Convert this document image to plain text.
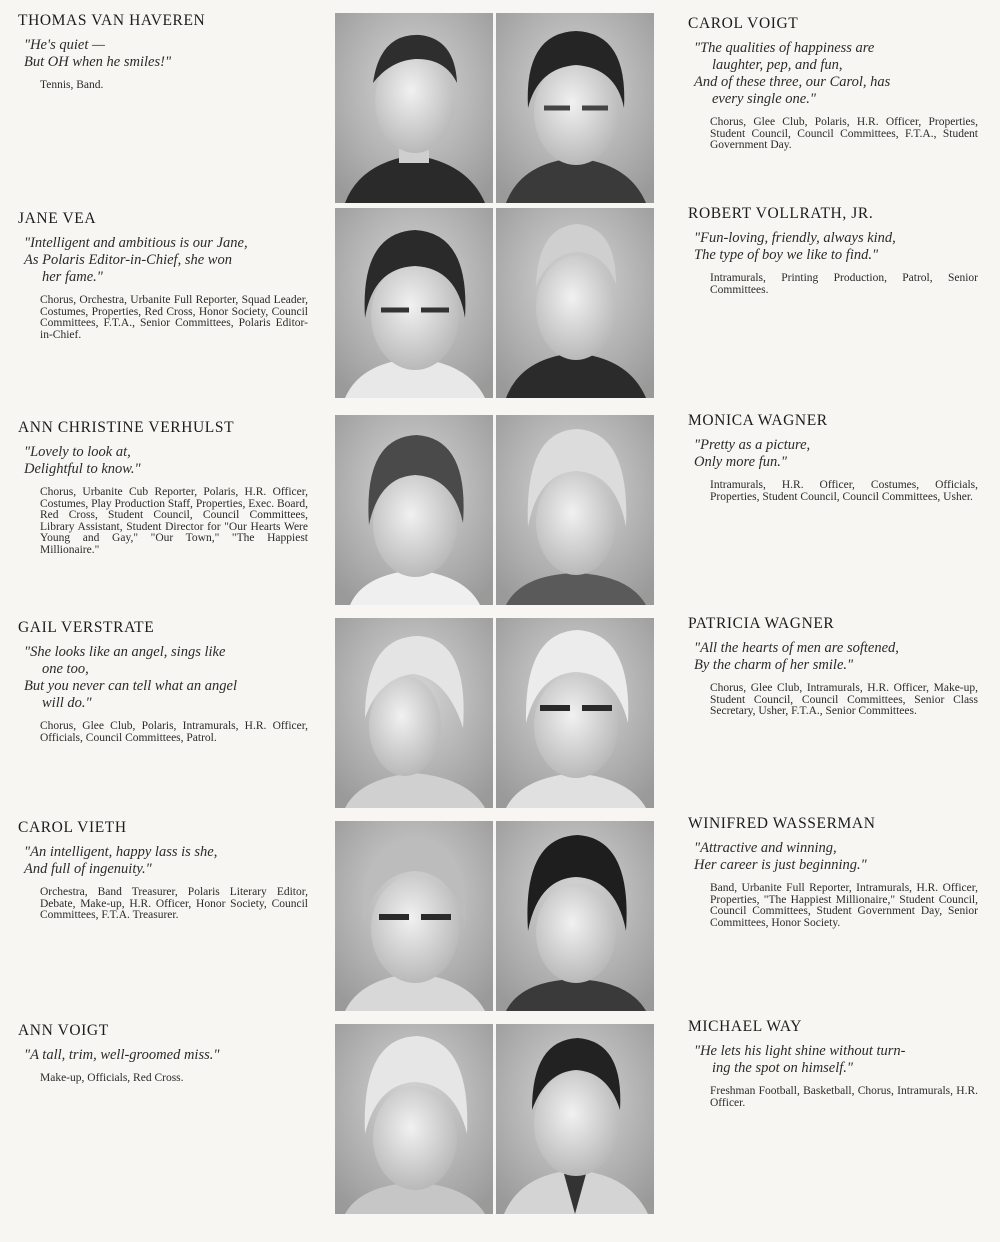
THOMAS VAN HAVEREN
"He's quiet —
But OH when he smiles!"
Tennis, Band.
JANE VEA
"Intelligent and ambitious is our Jane,
As Polaris Editor-in-Chief, she won
her fame."
Chorus, Orchestra, Urbanite Full Reporter, Squad Leader, Costumes, Properties, Red Cross, Honor Society, Council Committees, F.T.A., Senior Committees, Polaris Editor-in-Chief.
ANN CHRISTINE VERHULST
"Lovely to look at,
Delightful to know."
Chorus, Urbanite Cub Reporter, Polaris, H.R. Officer, Costumes, Play Production Staff, Properties, Exec. Board, Red Cross, Student Council, Council Committees, Library Assistant, Student Director for "Our Hearts Were Young and Gay," "Our Town," "The Happiest Millionaire."
GAIL VERSTRATE
"She looks like an angel, sings like
one too,
But you never can tell what an angel
will do."
Chorus, Glee Club, Polaris, Intramurals, H.R. Officer, Officials, Council Committees, Patrol.
CAROL VIETH
"An intelligent, happy lass is she,
And full of ingenuity."
Orchestra, Band Treasurer, Polaris Literary Editor, Debate, Make-up, H.R. Officer, Honor Society, Council Committees, F.T.A. Treasurer.
ANN VOIGT
"A tall, trim, well-groomed miss."
Make-up, Officials, Red Cross.
CAROL VOIGT
"The qualities of happiness are
laughter, pep, and fun,
And of these three, our Carol, has
every single one."
Chorus, Glee Club, Polaris, H.R. Officer, Properties, Student Council, Council Committees, F.T.A., Student Government Day.
ROBERT VOLLRATH, JR.
"Fun-loving, friendly, always kind,
The type of boy we like to find."
Intramurals, Printing Production, Patrol, Senior Committees.
MONICA WAGNER
"Pretty as a picture,
Only more fun."
Intramurals, H.R. Officer, Costumes, Officials, Properties, Student Council, Council Committees, Usher.
PATRICIA WAGNER
"All the hearts of men are softened,
By the charm of her smile."
Chorus, Glee Club, Intramurals, H.R. Officer, Make-up, Student Council, Council Committees, Senior Class Secretary, Usher, F.T.A., Senior Committees.
WINIFRED WASSERMAN
"Attractive and winning,
Her career is just beginning."
Band, Urbanite Full Reporter, Intramurals, H.R. Officer, Properties, "The Happiest Millionaire," Student Council, Council Committees, Student Government Day, Senior Committees, Honor Society.
MICHAEL WAY
"He lets his light shine without turn-
ing the spot on himself."
Freshman Football, Basketball, Chorus, Intramurals, H.R. Officer.
